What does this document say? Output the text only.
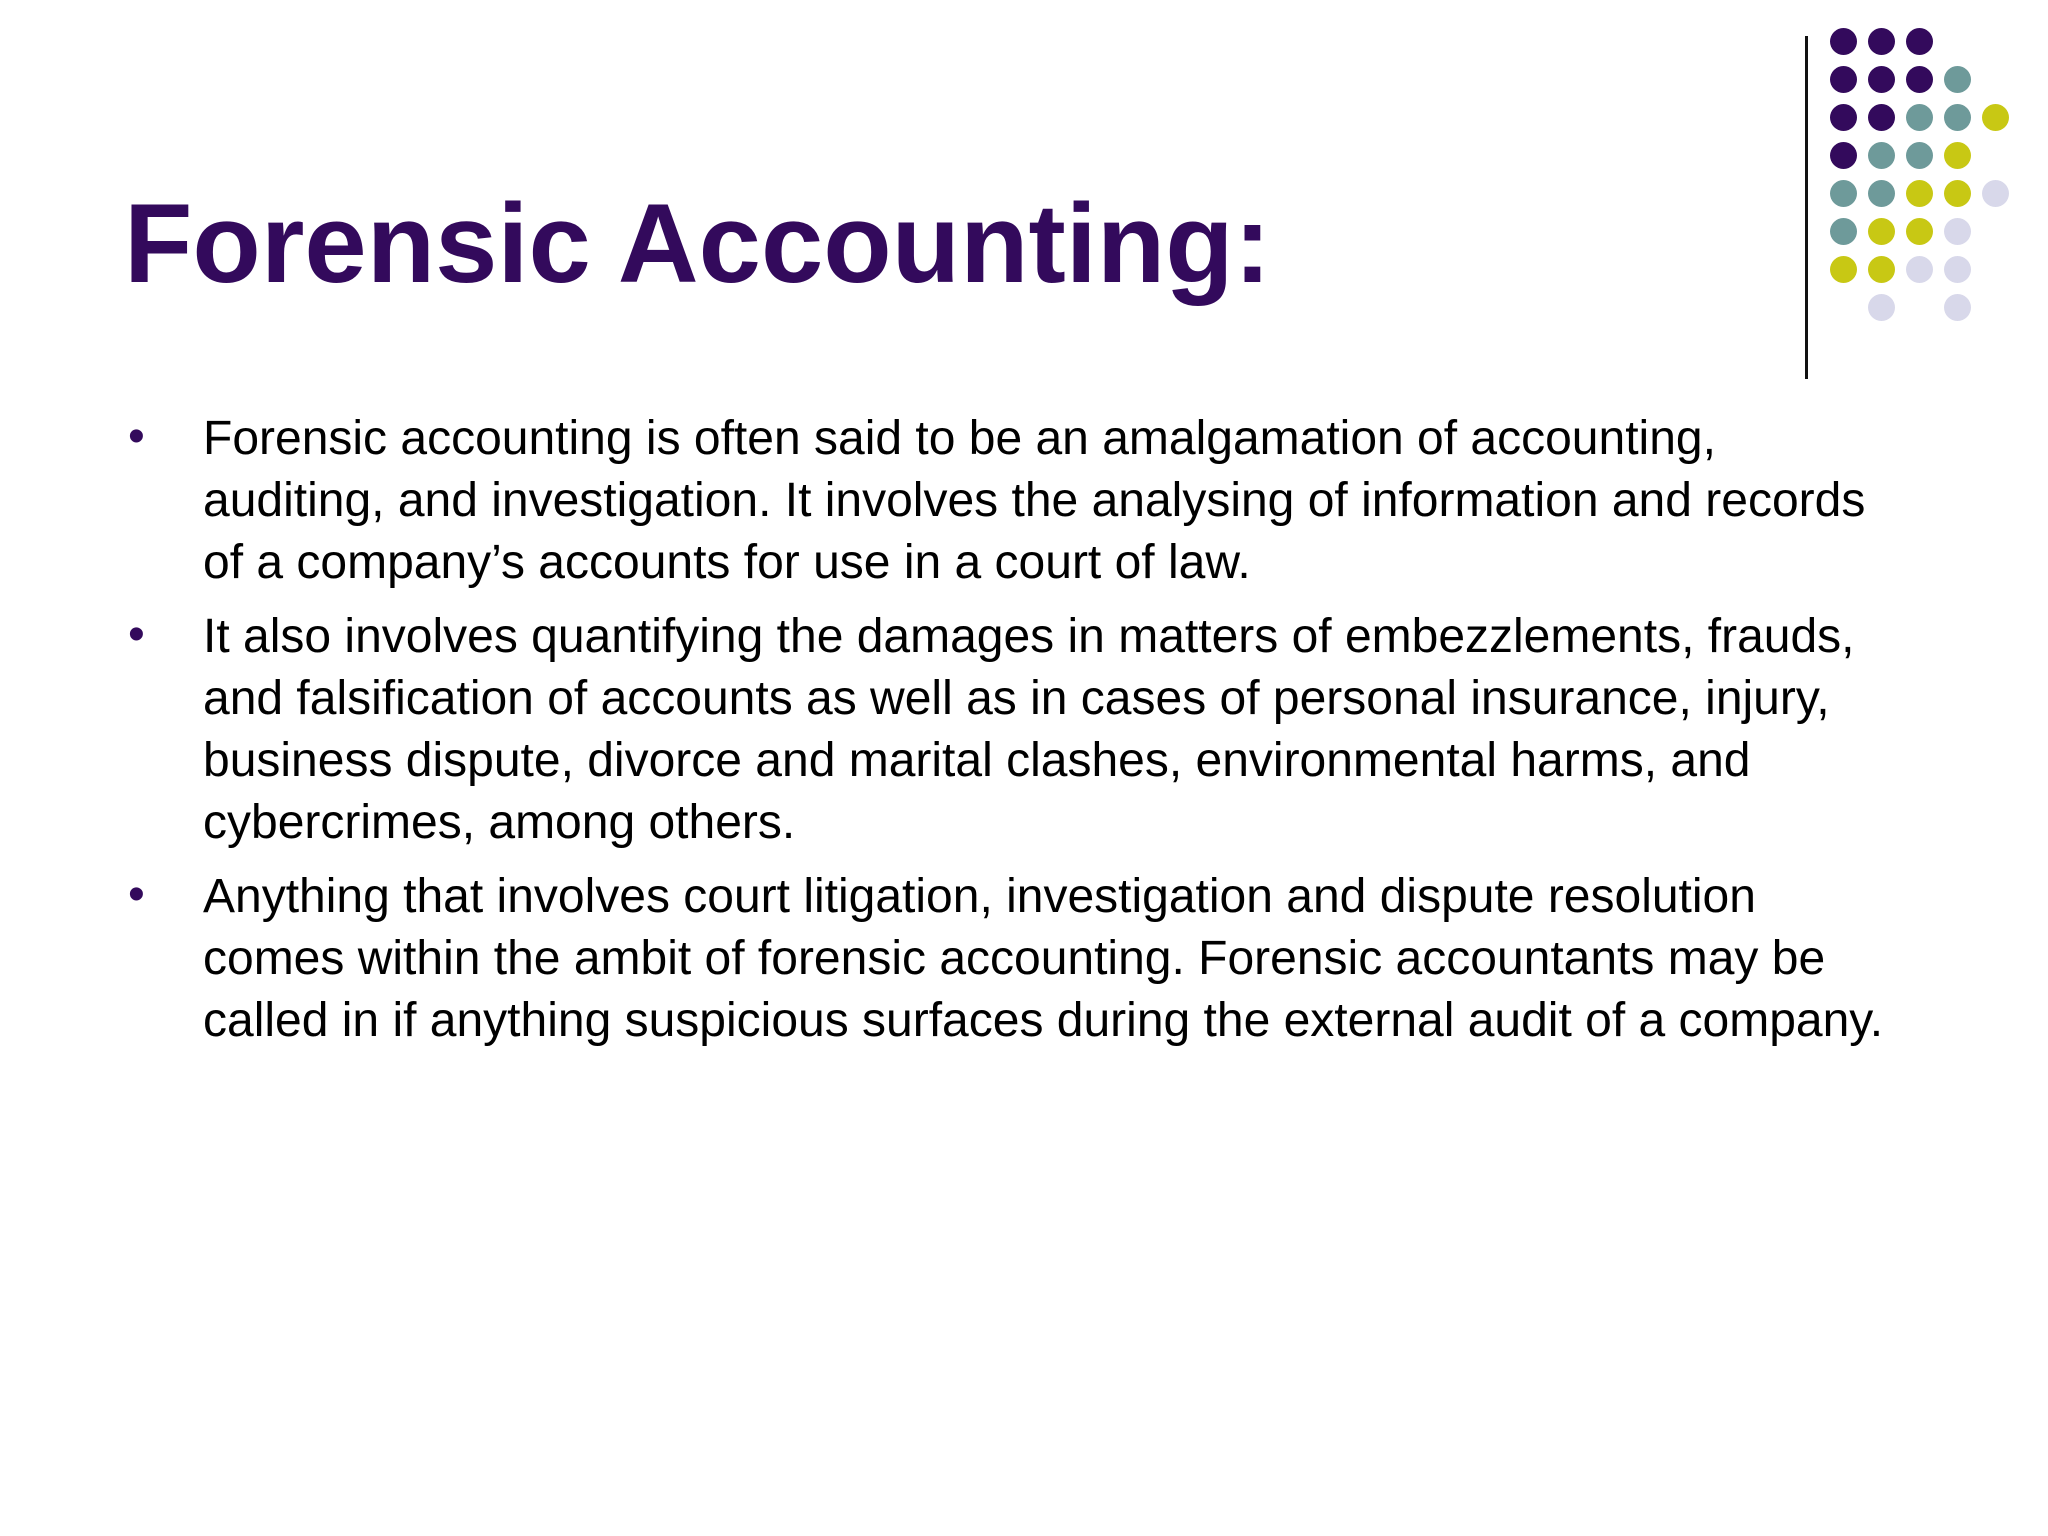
Forensic Accounting:
• Forensic accounting is often said to be an amalgamation of accounting, auditing, and investigation. It involves the analysing of information and records of a company’s accounts for use in a court of law.
• It also involves quantifying the damages in matters of embezzlements, frauds, and falsification of accounts as well as in cases of personal insurance, injury, business dispute, divorce and marital clashes, environmental harms, and cybercrimes, among others.
• Anything that involves court litigation, investigation and dispute resolution comes within the ambit of forensic accounting. Forensic accountants may be called in if anything suspicious surfaces during the external audit of a company.
